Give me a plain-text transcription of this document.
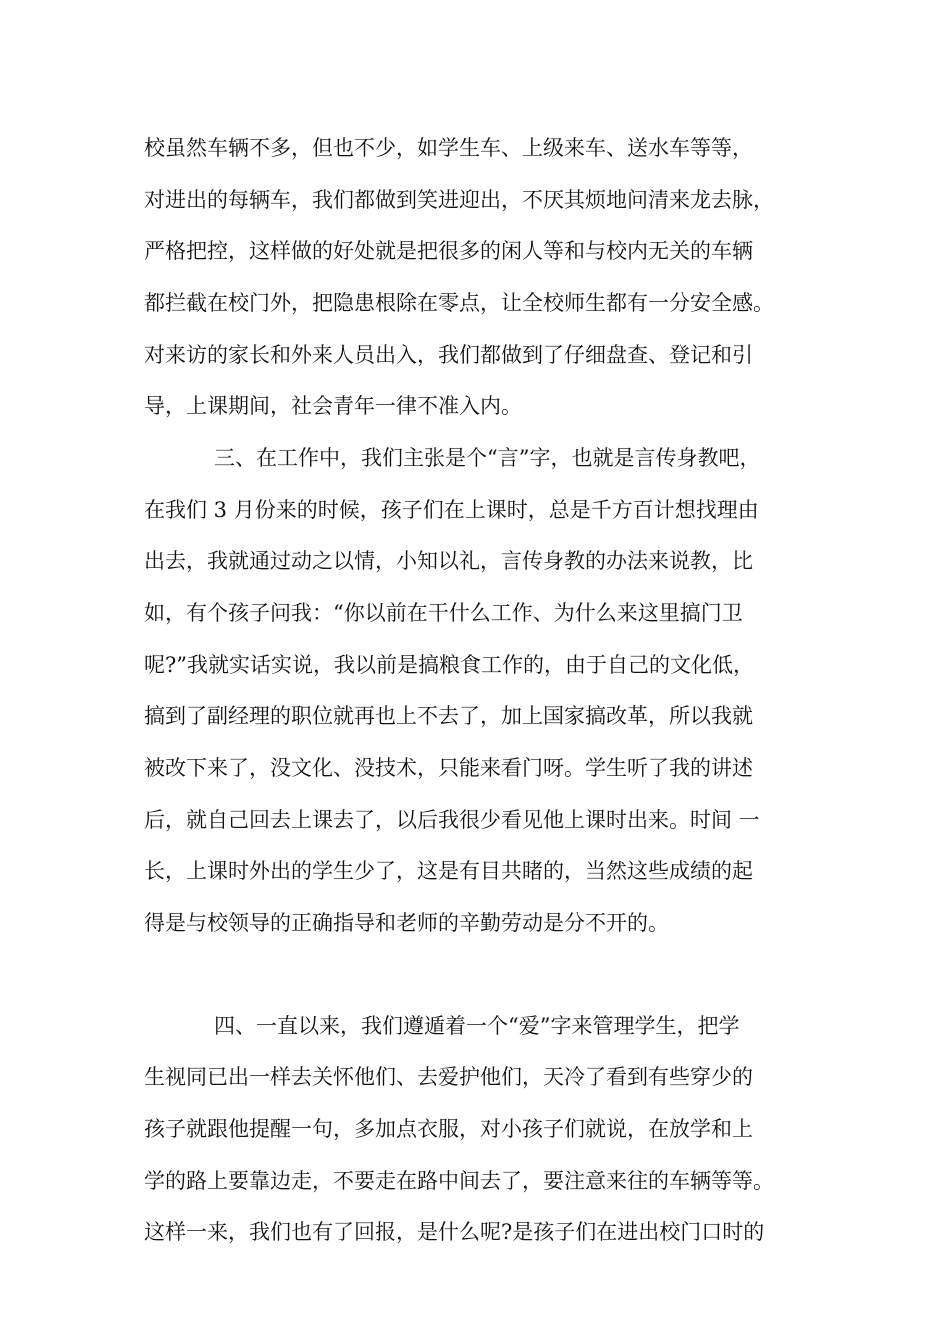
校虽然车辆不多，但也不少，如学生车、上级来车、送水车等等，
对进出的每辆车，我们都做到笑进迎出，不厌其烦地问清来龙去脉，
严格把控，这样做的好处就是把很多的闲人等和与校内无关的车辆
都拦截在校门外，把隐患根除在零点，让全校师生都有一分安全感。
对来访的家长和外来人员出入，我们都做到了仔细盘查、登记和引
导，上课期间，社会青年一律不准入内。
三、在工作中，我们主张是个“言”字，也就是言传身教吧，
在我们 3 月份来的时候，孩子们在上课时，总是千方百计想找理由
出去，我就通过动之以情，小知以礼，言传身教的办法来说教，比
如，有个孩子问我：“你以前在干什么工作、为什么来这里搞门卫
呢?”我就实话实说，我以前是搞粮食工作的，由于自己的文化低，
搞到了副经理的职位就再也上不去了，加上国家搞改革，所以我就
被改下来了，没文化、没技术，只能来看门呀。学生听了我的讲述
后，就自己回去上课去了，以后我很少看见他上课时出来。时间 一
长，上课时外出的学生少了，这是有目共睹的，当然这些成绩的起
得是与校领导的正确指导和老师的辛勤劳动是分不开的。
四、一直以来，我们遵遁着一个“爱”字来管理学生，把学
生视同已出一样去关怀他们、去爱护他们，天冷了看到有些穿少的
孩子就跟他提醒一句，多加点衣服，对小孩子们就说，在放学和上
学的路上要靠边走，不要走在路中间去了，要注意来往的车辆等等。
这样一来，我们也有了回报，是什么呢?是孩子们在进出校门口时的
